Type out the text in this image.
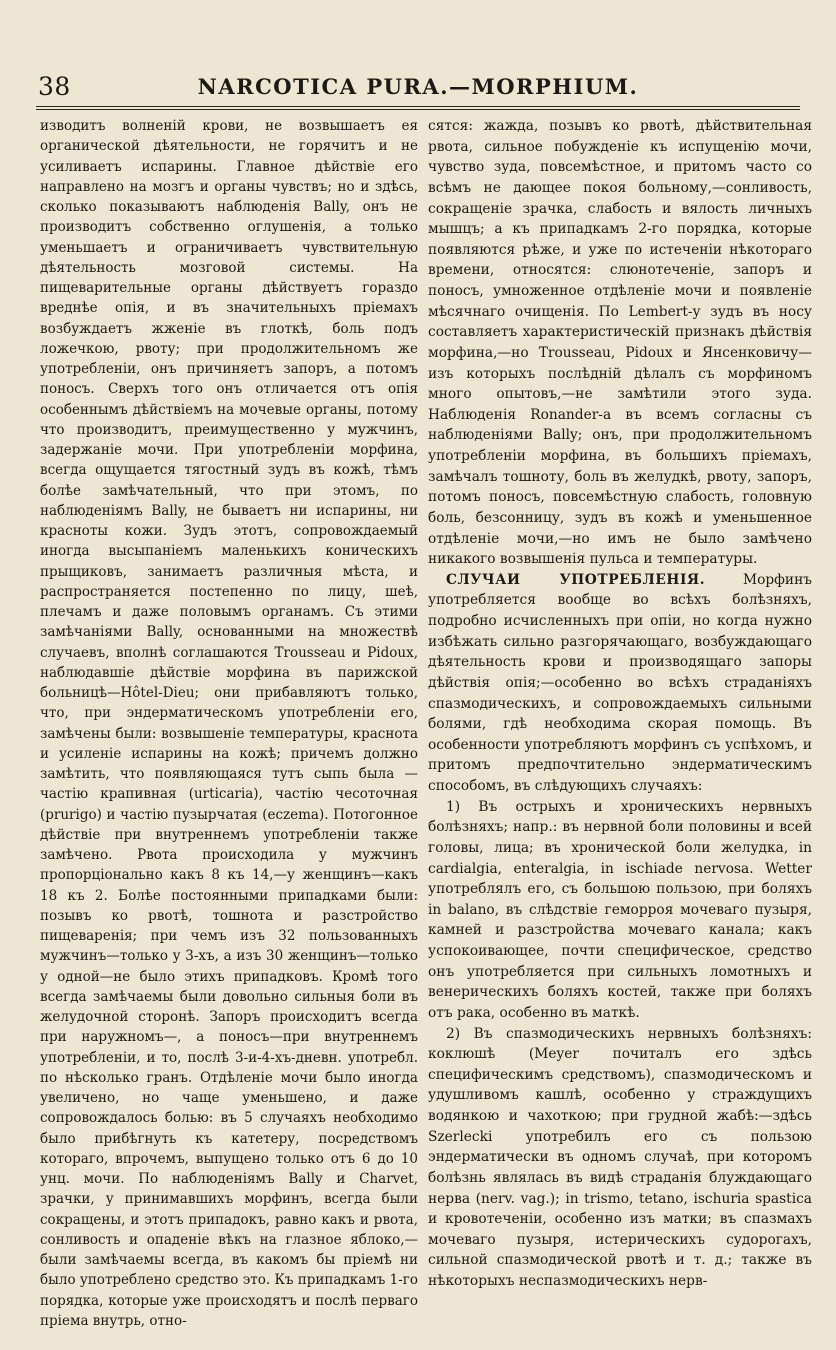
38	NARCOTICA PURA.—MORPHIUM.

изводитъ волненій крови, не возвышаетъ ея органической дѣятельности, не горячитъ и не усиливаетъ испарины. Главное дѣйствіе его направлено на мозгъ и органы чувствъ; но и здѣсь, сколько показываютъ наблюденія Bally, онъ не производитъ собственно оглушенія, а только уменьшаетъ и ограничиваетъ чувствительную дѣятельность мозговой системы. На пищеварительные органы дѣйствуетъ гораздо вреднѣе опія, и въ значительныхъ пріемахъ возбуждаетъ жженіе въ глоткѣ, боль подъ ложечкою, рвоту; при продолжительномъ же употребленіи, онъ причиняетъ запоръ, а потомъ поносъ. Сверхъ того онъ отличается отъ опія особеннымъ дѣйствіемъ на мочевые органы, потому что производитъ, преимущественно у мужчинъ, задержаніе мочи. При употребленіи морфина, всегда ощущается тягостный зудъ въ кожѣ, тѣмъ болѣе замѣчательный, что при этомъ, по наблюденіямъ Bally, не бываетъ ни испарины, ни красноты кожи. Зудъ этотъ, сопровождаемый иногда высыпаніемъ маленькихъ коническихъ прыщиковъ, занимаетъ различныя мѣста, и распространяется постепенно по лицу, шеѣ, плечамъ и даже половымъ органамъ. Съ этими замѣчаніями Bally, основанными на множествѣ случаевъ, вполнѣ соглашаются Trousseau и Pidoux, наблюдавшіе дѣйствіе морфина въ парижской больницѣ—Hôtel-Dieu; они прибавляютъ только, что, при эндерматическомъ употребленіи его, замѣчены были: возвышеніе температуры, краснота и усиленіе испарины на кожѣ; причемъ должно замѣтить, что появляющаяся тутъ сыпь была — частію крапивная (urticaria), частію чесоточная (prurigo) и частію пузырчатая (eczema). Потогонное дѣйствіе при внутреннемъ употребленіи также замѣчено. Рвота происходила у мужчинъ пропорціонально какъ 8 къ 14,—у женщинъ—какъ 18 къ 2. Болѣе постоянными припадками были: позывъ ко рвотѣ, тошнота и разстройство пищеваренія; при чемъ изъ 32 пользованныхъ мужчинъ—только у 3-хъ, а изъ 30 женщинъ—только у одной—не было этихъ припадковъ. Кромѣ того всегда замѣчаемы были довольно сильныя боли въ желудочной сторонѣ. Запоръ происходитъ всегда при наружномъ—, а поносъ—при внутреннемъ употребленіи, и то, послѣ 3-и-4-хъ-дневн. употребл. по нѣсколько гранъ. Отдѣленіе мочи было иногда увеличено, но чаще уменьшено, и даже сопровождалось болью: въ 5 случаяхъ необходимо было прибѣгнуть къ катетеру, посредствомъ котораго, впрочемъ, выпущено только отъ 6 до 10 унц. мочи. По наблюденіямъ Bally и Charvet, зрачки, у принимавшихъ морфинъ, всегда были сокращены, и этотъ припадокъ, равно какъ и рвота, сонливость и опаденіе вѣкъ на глазное яблоко,—были замѣчаемы всегда, въ какомъ бы пріемѣ ни было употреблено средство это. Къ припадкамъ 1-го порядка, которые уже происходятъ и послѣ перваго пріема внутрь, отно-

сятся: жажда, позывъ ко рвотѣ, дѣйствительная рвота, сильное побужденіе къ испущенію мочи, чувство зуда, повсемѣстное, и притомъ часто со всѣмъ не дающее покоя больному,—сонливость, сокращеніе зрачка, слабость и вялость личныхъ мышцъ; а къ припадкамъ 2-го порядка, которые появляются рѣже, и уже по истеченіи нѣкотораго времени, относятся: слюнотеченіе, запоръ и поносъ, умноженное отдѣленіе мочи и появленіе мѣсячнаго очищенія. По Lembert-у зудъ въ носу составляетъ характеристическій признакъ дѣйствія морфина,—но Trousseau, Pidoux и Янсенковичу—изъ которыхъ послѣдній дѣлалъ съ морфиномъ много опытовъ,—не замѣтили этого зуда. Наблюденія Ronander-а въ всемъ согласны съ наблюденіями Bally; онъ, при продолжительномъ употребленіи морфина, въ большихъ пріемахъ, замѣчалъ тошноту, боль въ желудкѣ, рвоту, запоръ, потомъ поносъ, повсемѣстную слабость, головную боль, безсонницу, зудъ въ кожѣ и уменьшенное отдѣленіе мочи,—но имъ не было замѣчено никакого возвышенія пульса и температуры.

СЛУЧАИ УПОТРЕБЛЕНІЯ.	Морфинъ употребляется вообще во всѣхъ болѣзняхъ, подробно исчисленныхъ при опіи, но когда нужно избѣжать сильно разгорячающаго, возбуждающаго дѣятельность крови и производящаго запоры дѣйствія опія;—особенно во всѣхъ страданіяхъ спазмодическихъ, и сопровождаемыхъ сильными болями, гдѣ необходима скорая помощь. Въ особенности употребляютъ морфинъ съ успѣхомъ, и притомъ предпочтительно эндерматическимъ способомъ, въ слѣдующихъ случаяхъ:

1) Въ острыхъ и хроническихъ нервныхъ болѣзняхъ; напр.: въ нервной боли половины и всей головы, лица; въ хронической боли желудка, in cardialgia, enteralgia, in ischiade nervosa. Wetter употреблялъ его, съ большою пользою, при боляхъ in balano, въ слѣдствіе геморроя мочеваго пузыря, камней и разстройства мочеваго канала; какъ успокоивающее, почти специфическое, средство онъ употребляется при сильныхъ ломотныхъ и венерическихъ боляхъ костей, также при боляхъ отъ рака, особенно въ маткѣ.

2) Въ спазмодическихъ нервныхъ болѣзняхъ: коклюшѣ (Meyer почиталъ его здѣсь специфическимъ средствомъ), спазмодическомъ и удушливомъ кашлѣ, особенно у страждущихъ водянкою и чахоткою; при грудной жабѣ:—здѣсь Szerlecki употребилъ его съ пользою эндерматически въ одномъ случаѣ, при которомъ болѣзнь являлась въ видѣ страданія блуждающаго нерва (nerv. vag.); in trismo, tetano, ischuria spastica и кровотеченіи, особенно изъ матки; въ спазмахъ мочеваго пузыря, истерическихъ судорогахъ, сильной спазмодической рвотѣ и т. д.; также въ нѣкоторыхъ неспазмодическихъ нерв-
